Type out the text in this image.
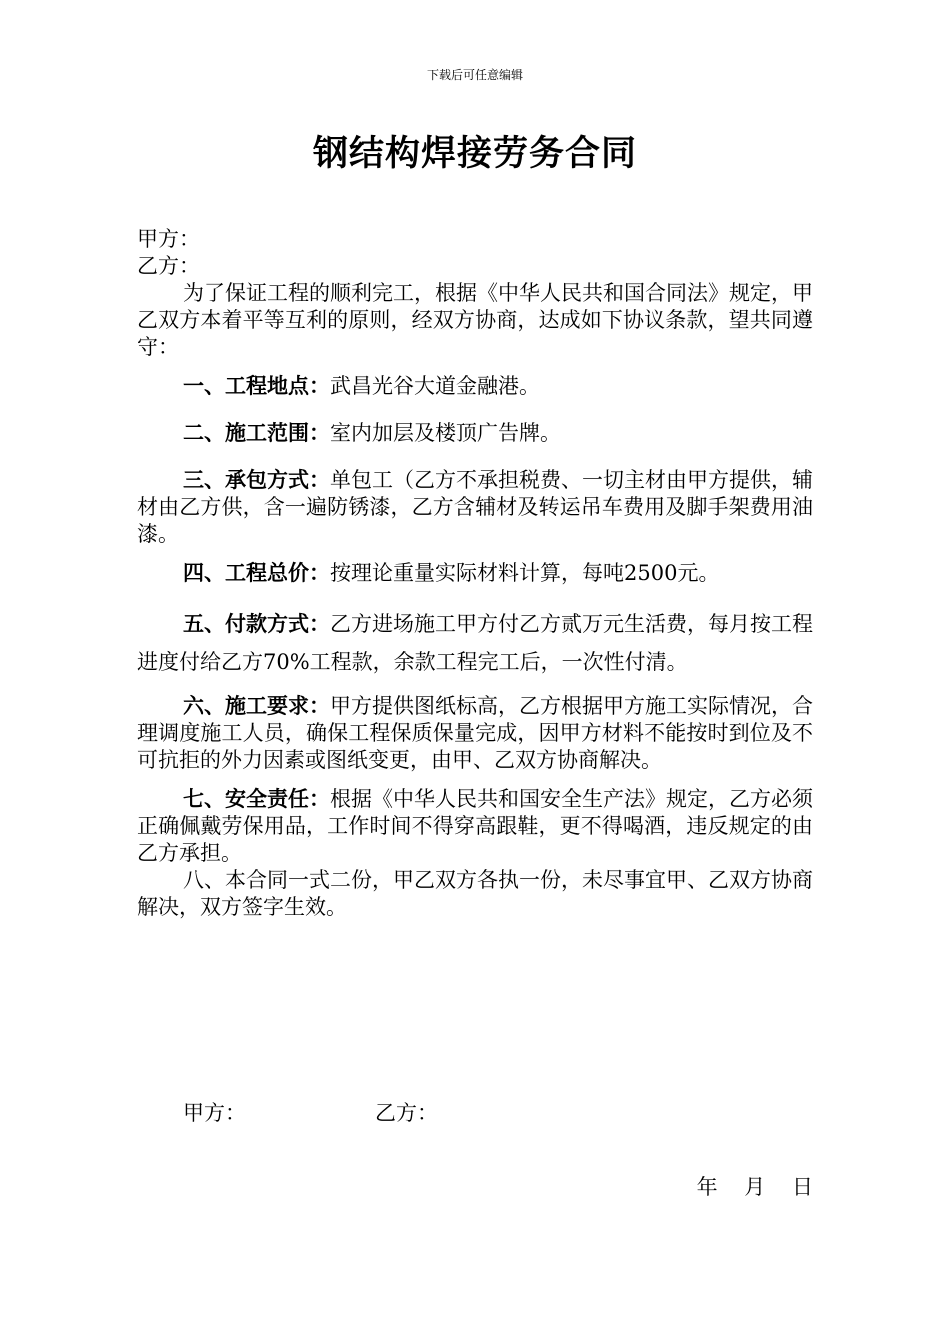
下载后可任意编辑
钢结构焊接劳务合同

甲方：

乙方：

为了保证工程的顺利完工，根据《中华人民共和国合同法》规定，甲乙双方本着平等互利的原则，经双方协商，达成如下协议条款，望共同遵守：

一、工程地点：武昌光谷大道金融港。

二、施工范围：室内加层及楼顶广告牌。

三、承包方式：单包工（乙方不承担税费、一切主材由甲方提供，辅材由乙方供，含一遍防锈漆，乙方含辅材及转运吊车费用及脚手架费用油漆。

四、工程总价：按理论重量实际材料计算，每吨2500元。

五、付款方式：乙方进场施工甲方付乙方贰万元生活费，每月按工程进度付给乙方70%工程款，余款工程完工后，一次性付清。

六、施工要求：甲方提供图纸标高，乙方根据甲方施工实际情况，合理调度施工人员，确保工程保质保量完成，因甲方材料不能按时到位及不可抗拒的外力因素或图纸变更，由甲、乙双方协商解决。

七、安全责任：根据《中华人民共和国安全生产法》规定，乙方必须正确佩戴劳保用品，工作时间不得穿高跟鞋，更不得喝酒，违反规定的由乙方承担。

八、本合同一式二份，甲乙双方各执一份，未尽事宜甲、乙双方协商解决，双方签字生效。

甲方：	乙方：
年    月    日
